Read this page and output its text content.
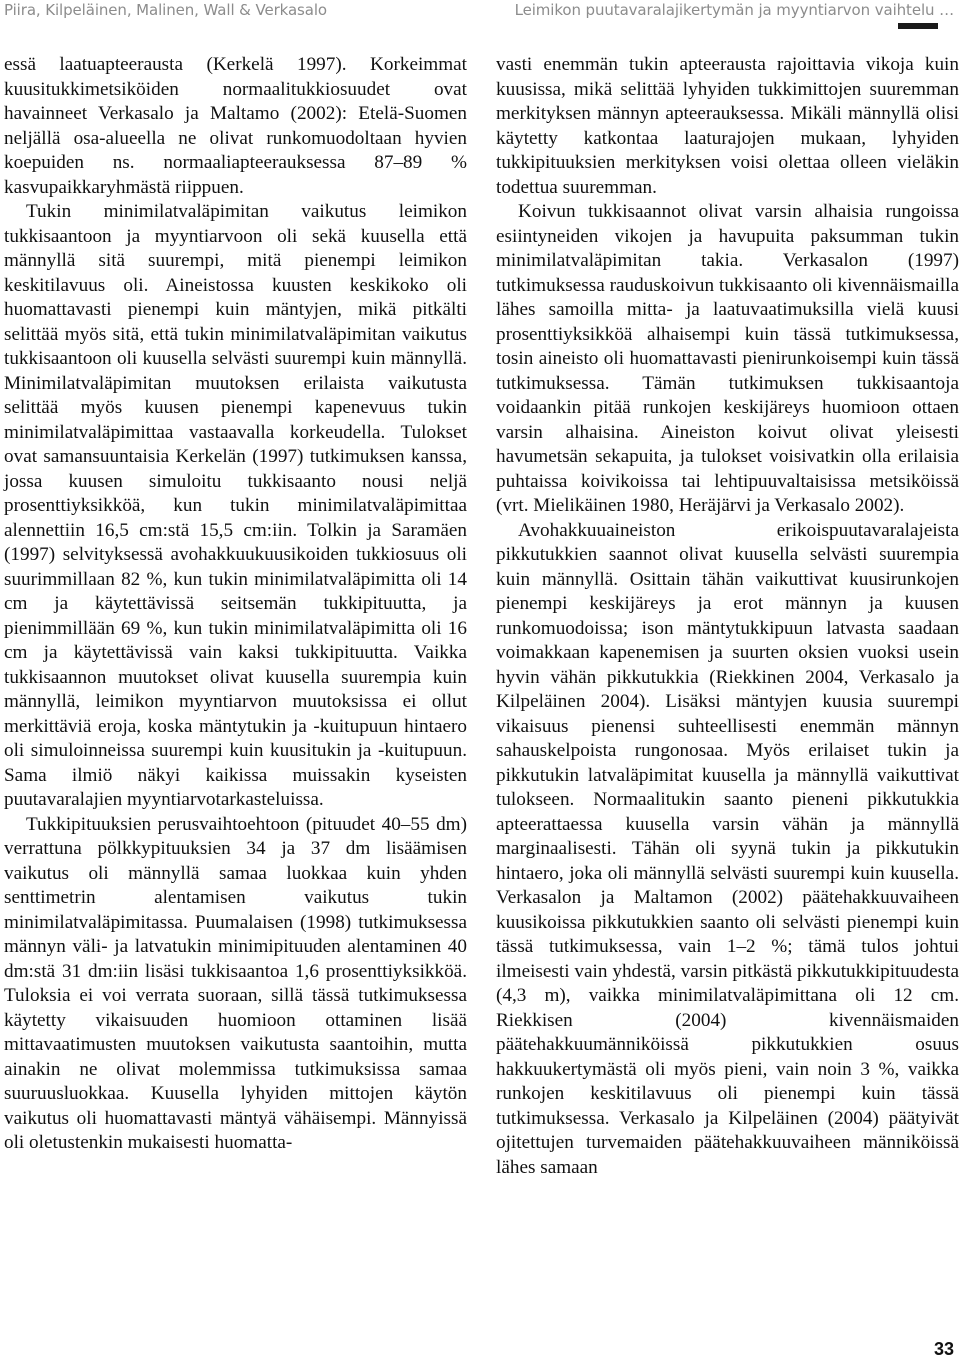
Piira, Kilpeläinen, Malinen, Wall & Verkasalo	Leimikon puutavaralajikertymän ja myyntiarvon vaihtelu …

essä laatuapteerausta (Kerkelä 1997). Korkeimmat kuusitukkimetsiköiden normaalitukkiosuudet ovat havainneet Verkasalo ja Maltamo (2002): Etelä-Suomen neljällä osa-alueella ne olivat runkomuodoltaan hyvien koepuiden ns. normaaliapteerauksessa 87–89 % kasvupaikkaryhmästä riippuen.

Tukin minimilatvaläpimitan vaikutus leimikon tukkisaantoon ja myyntiarvoon oli sekä kuusella että männyllä sitä suurempi, mitä pienempi leimikon keskitilavuus oli. Aineistossa kuusten keskikoko oli huomattavasti pienempi kuin mäntyjen, mikä pitkälti selittää myös sitä, että tukin minimilatvaläpimitan vaikutus tukkisaantoon oli kuusella selvästi suurempi kuin männyllä. Minimilatvaläpimitan muutoksen erilaista vaikutusta selittää myös kuusen pienempi kapenevuus tukin minimilatvaläpimittaa vastaavalla korkeudella. Tulokset ovat samansuuntaisia Kerkelän (1997) tutkimuksen kanssa, jossa kuusen simuloitu tukkisaanto nousi neljä prosenttiyksikköä, kun tukin minimilatvaläpimittaa alennettiin 16,5 cm:stä 15,5 cm:iin. Tolkin ja Saramäen (1997) selvityksessä avohakkuukuusikoiden tukkiosuus oli suurimmillaan 82 %, kun tukin minimilatvaläpimitta oli 14 cm ja käytettävissä seitsemän tukkipituutta, ja pienimmillään 69 %, kun tukin minimilatvaläpimitta oli 16 cm ja käytettävissä vain kaksi tukkipituutta. Vaikka tukkisaannon muutokset olivat kuusella suurempia kuin männyllä, leimikon myyntiarvon muutoksissa ei ollut merkittäviä eroja, koska mäntytukin ja -kuitupuun hintaero oli simuloinneissa suurempi kuin kuusitukin ja -kuitupuun. Sama ilmiö näkyi kaikissa muissakin kyseisten puutavaralajien myyntiarvotarkasteluissa.

Tukkipituuksien perusvaihtoehtoon (pituudet 40–55 dm) verrattuna pölkkypituuksien 34 ja 37 dm lisäämisen vaikutus oli männyllä samaa luokkaa kuin yhden senttimetrin alentamisen vaikutus tukin minimilatvaläpimitassa. Puumalaisen (1998) tutkimuksessa männyn väli- ja latvatukin minimipituuden alentaminen 40 dm:stä 31 dm:iin lisäsi tukkisaantoa 1,6 prosenttiyksikköä. Tuloksia ei voi verrata suoraan, sillä tässä tutkimuksessa käytetty vikaisuuden huomioon ottaminen lisää mittavaatimusten muutoksen vaikutusta saantoihin, mutta ainakin ne olivat molemmissa tutkimuksissa samaa suuruusluokkaa. Kuusella lyhyiden mittojen käytön vaikutus oli huomattavasti mäntyä vähäisempi. Männyissä oli oletustenkin mukaisesti huomatta-

vasti enemmän tukin apteerausta rajoittavia vikoja kuin kuusissa, mikä selittää lyhyiden tukkimittojen suuremman merkityksen männyn apteerauksessa. Mikäli männyllä olisi käytetty katkontaa laaturajojen mukaan, lyhyiden tukkipituuksien merkityksen voisi olettaa olleen vieläkin todettua suuremman.

Koivun tukkisaannot olivat varsin alhaisia rungoissa esiintyneiden vikojen ja havupuita paksumman tukin minimilatvaläpimitan takia. Verkasalon (1997) tutkimuksessa rauduskoivun tukkisaanto oli kivennäismailla lähes samoilla mitta- ja laatuvaatimuksilla vielä kuusi prosenttiyksikköä alhaisempi kuin tässä tutkimuksessa, tosin aineisto oli huomattavasti pienirunkoisempi kuin tässä tutkimuksessa. Tämän tutkimuksen tukkisaantoja voidaankin pitää runkojen keskijäreys huomioon ottaen varsin alhaisina. Aineiston koivut olivat yleisesti havumetsän sekapuita, ja tulokset voisivatkin olla erilaisia puhtaissa koivikoissa tai lehtipuuvaltaisissa metsiköissä (vrt. Mielikäinen 1980, Heräjärvi ja Verkasalo 2002).

Avohakkuuaineiston erikoispuutavaralajeista pikkutukkien saannot olivat kuusella selvästi suurempia kuin männyllä. Osittain tähän vaikuttivat kuusirunkojen pienempi keskijäreys ja erot männyn ja kuusen runkomuodoissa; ison mäntytukkipuun latvasta saadaan voimakkaan kapenemisen ja suurten oksien vuoksi usein hyvin vähän pikkutukkia (Riekkinen 2004, Verkasalo ja Kilpeläinen 2004). Lisäksi mäntyjen kuusia suurempi vikaisuus pienensi suhteellisesti enemmän männyn sahauskelpoista rungonosaa. Myös erilaiset tukin ja pikkutukin latvaläpimitat kuusella ja männyllä vaikuttivat tulokseen. Normaalitukin saanto pieneni pikkutukkia apteerattaessa kuusella varsin vähän ja männyllä marginaalisesti. Tähän oli syynä tukin ja pikkutukin hintaero, joka oli männyllä selvästi suurempi kuin kuusella. Verkasalon ja Maltamon (2002) päätehakkuuvaiheen kuusikoissa pikkutukkien saanto oli selvästi pienempi kuin tässä tutkimuksessa, vain 1–2 %; tämä tulos johtui ilmeisesti vain yhdestä, varsin pitkästä pikkutukkipituudesta (4,3 m), vaikka minimilatvaläpimittana oli 12 cm. Riekkisen (2004) kivennäismaiden päätehakkuumänniköissä pikkutukkien osuus hakkuukertymästä oli myös pieni, vain noin 3 %, vaikka runkojen keskitilavuus oli pienempi kuin tässä tutkimuksessa. Verkasalo ja Kilpeläinen (2004) päätyivät ojitettujen turvemaiden päätehakkuuvaiheen männiköissä lähes samaan

33
